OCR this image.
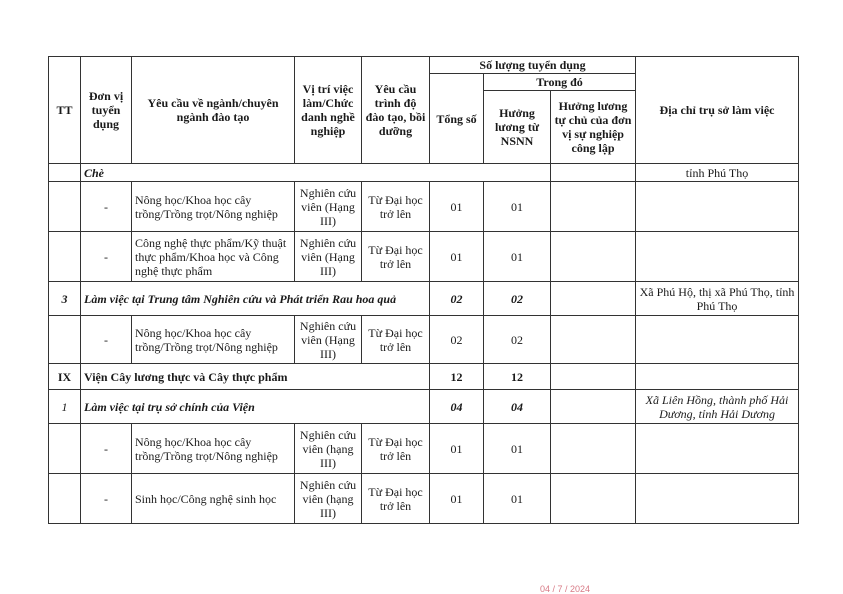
TT	Đơn vị tuyển dụng	Yêu cầu về ngành/chuyên ngành đào tạo	Vị trí việc làm/Chức danh nghề nghiệp	Yêu cầu trình độ đào tạo, bồi dưỡng	Số lượng tuyển dụng			Địa chỉ trụ sở làm việc
					Tổng số	Trong đó		
						Hưởng lương từ NSNN	Hưởng lương tự chủ của đơn vị sự nghiệp công lập	
	Chè							tỉnh Phú Thọ
	-	Nông học/Khoa học cây trồng/Trồng trọt/Nông nghiệp	Nghiên cứu viên (Hạng III)	Từ Đại học trở lên	01	01		
	-	Công nghệ thực phẩm/Kỹ thuật thực phẩm/Khoa học và Công nghệ thực phẩm	Nghiên cứu viên (Hạng III)	Từ Đại học trở lên	01	01		
3	Làm việc tại Trung tâm Nghiên cứu và Phát triển Rau hoa quả				02	02		Xã Phú Hộ, thị xã Phú Thọ, tỉnh Phú Thọ
	-	Nông học/Khoa học cây trồng/Trồng trọt/Nông nghiệp	Nghiên cứu viên (Hạng III)	Từ Đại học trở lên	02	02		
IX	Viện Cây lương thực và Cây thực phẩm				12	12		
1	Làm việc tại trụ sở chính của Viện				04	04		Xã Liên Hồng, thành phố Hải Dương, tỉnh Hải Dương
	-	Nông học/Khoa học cây trồng/Trồng trọt/Nông nghiệp	Nghiên cứu viên (hạng III)	Từ Đại học trở lên	01	01		
	-	Sinh học/Công nghệ sinh học	Nghiên cứu viên (hạng III)	Từ Đại học trở lên	01	01		
04 / 7 / 2024
